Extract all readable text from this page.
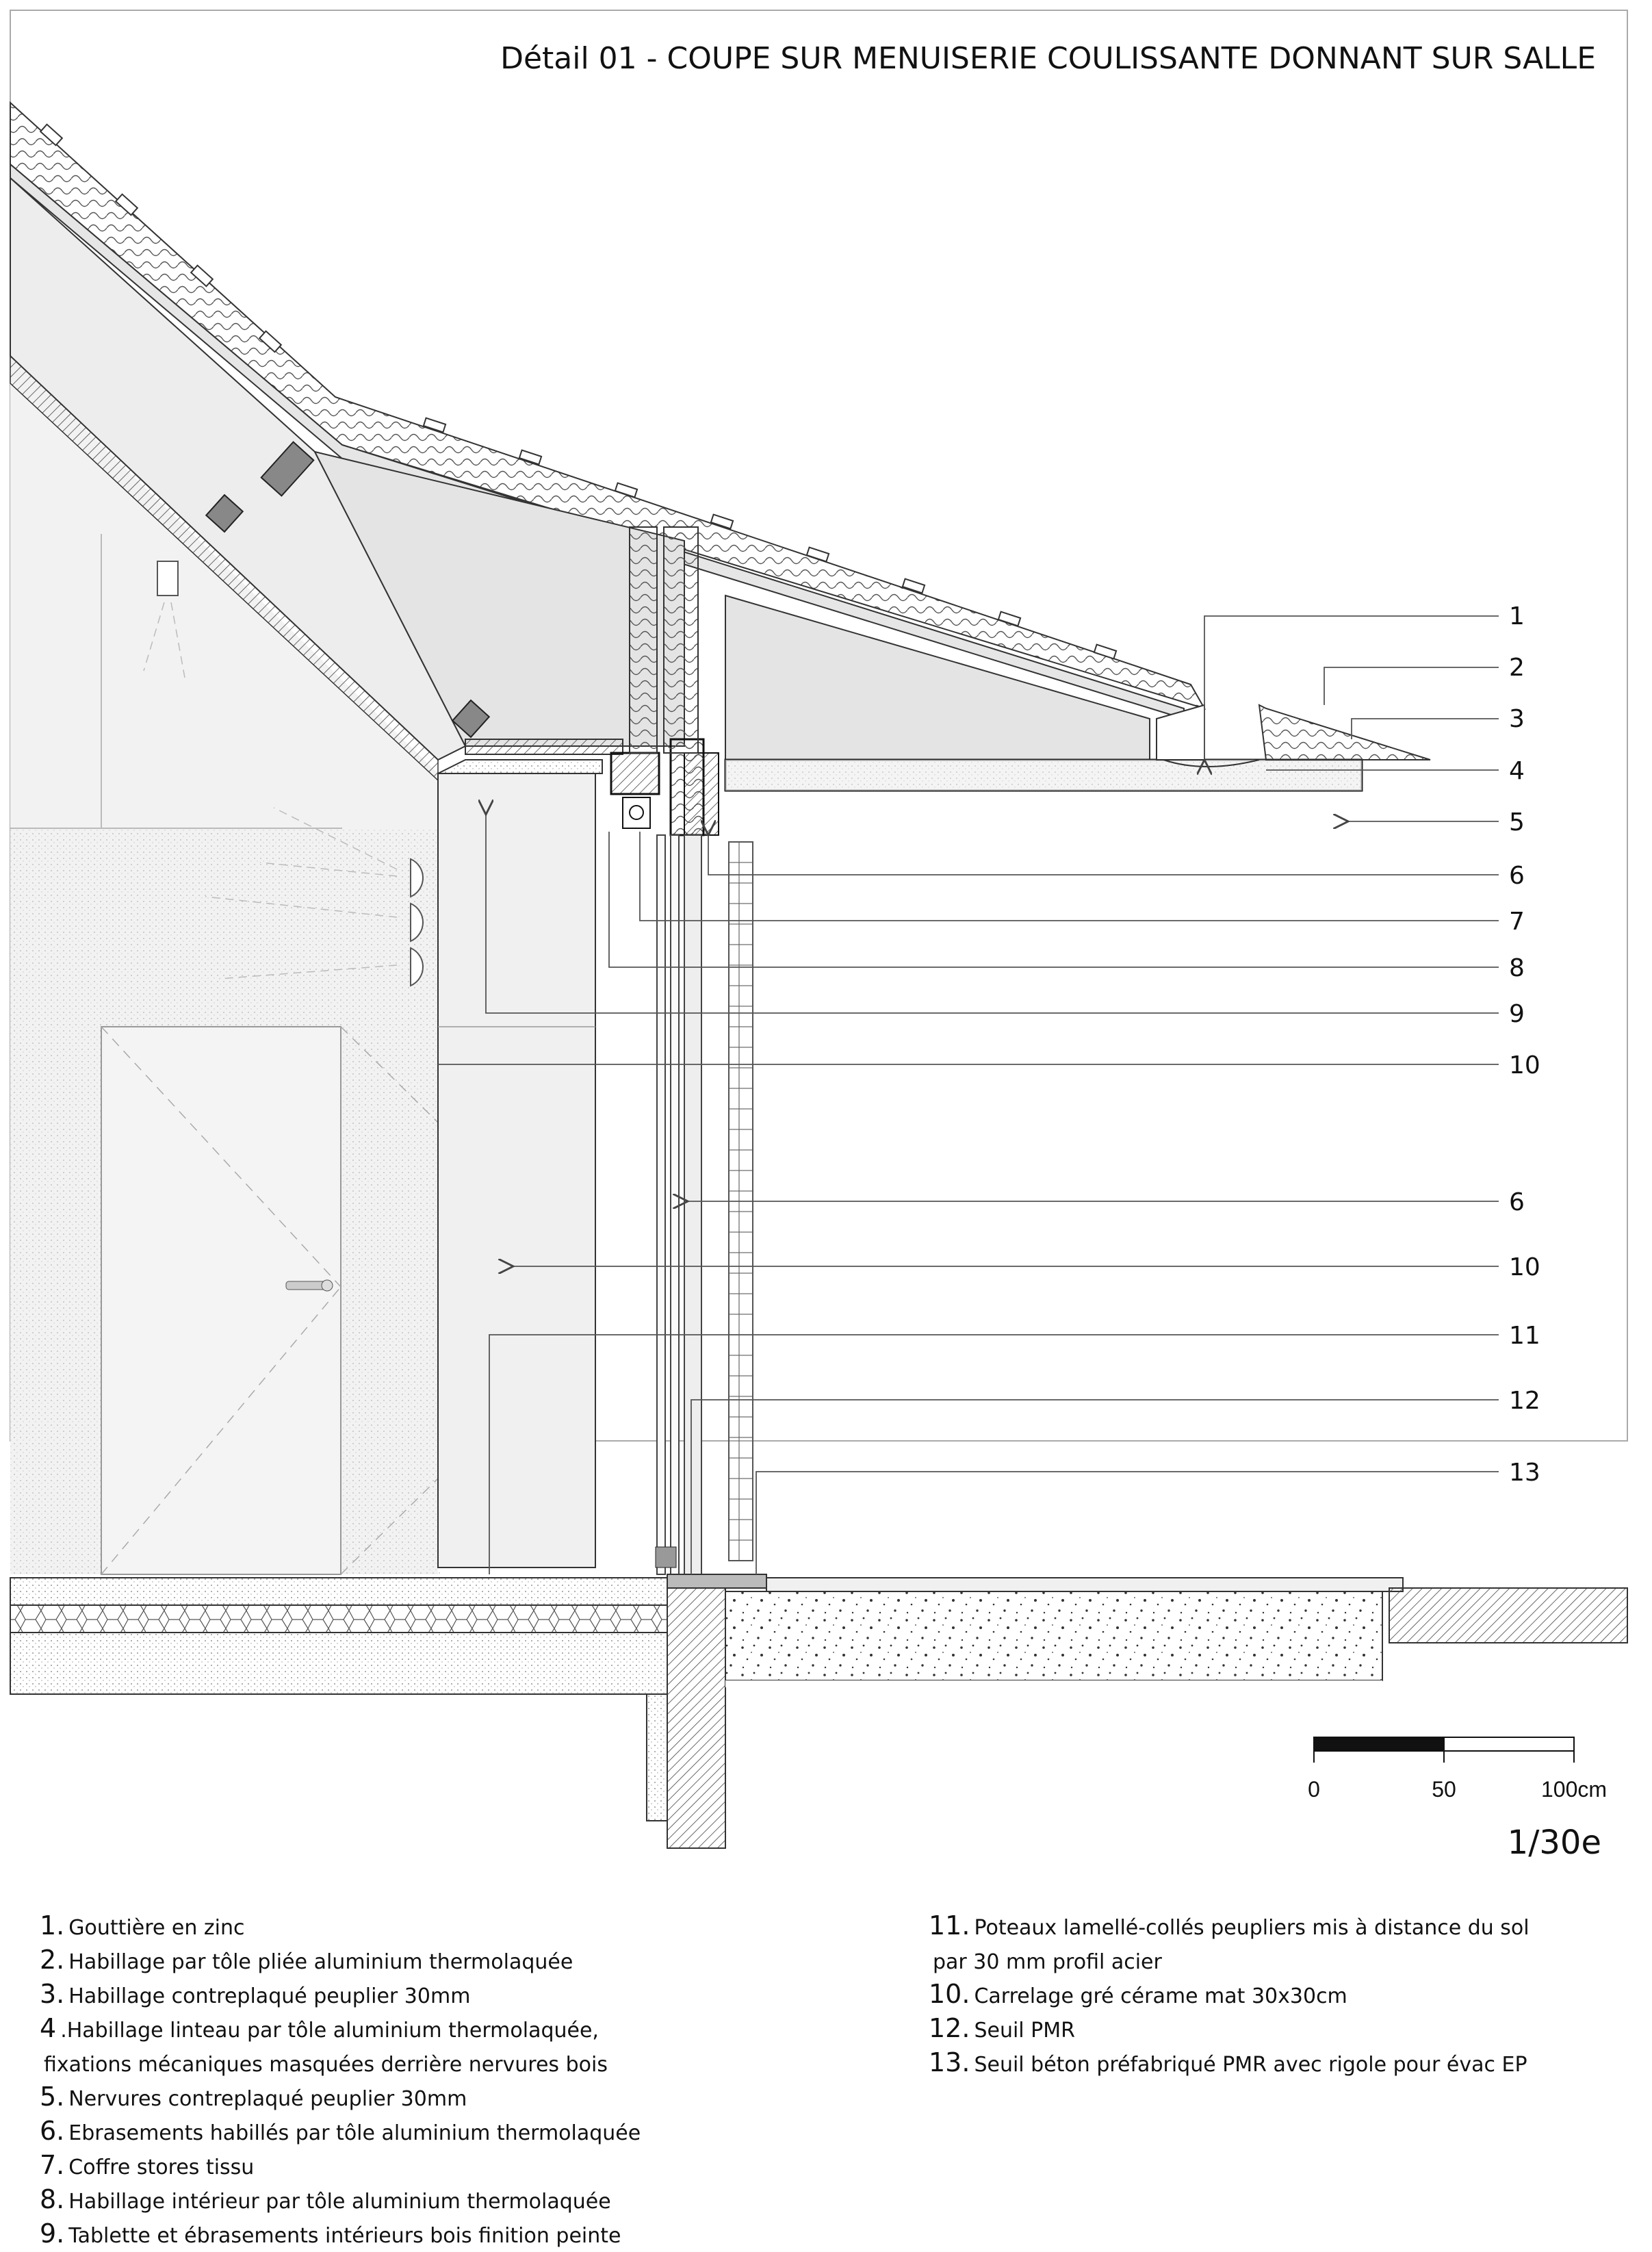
Détail 01 - COUPE SUR MENUISERIE COULISSANTE DONNANT SUR SALLE
1
2
3
4
5
6
7
8
9
10
6
10
11
12
13
0	50	100cm
1/30e
1. Gouttière en zinc
2. Habillage par tôle pliée aluminium thermolaquée
3. Habillage contreplaqué peuplier 30mm
4 .Habillage linteau par tôle aluminium thermolaquée,
fixations mécaniques masquées derrière nervures bois
5. Nervures contreplaqué peuplier 30mm
6. Ebrasements habillés par tôle aluminium thermolaquée
7. Coffre stores tissu
8. Habillage intérieur par tôle aluminium thermolaquée
9. Tablette et ébrasements intérieurs bois finition peinte
11. Poteaux lamellé-collés peupliers mis à distance du sol
par 30 mm profil acier
10. Carrelage gré cérame mat 30x30cm
12. Seuil PMR
13. Seuil béton préfabriqué PMR avec rigole pour évac EP
